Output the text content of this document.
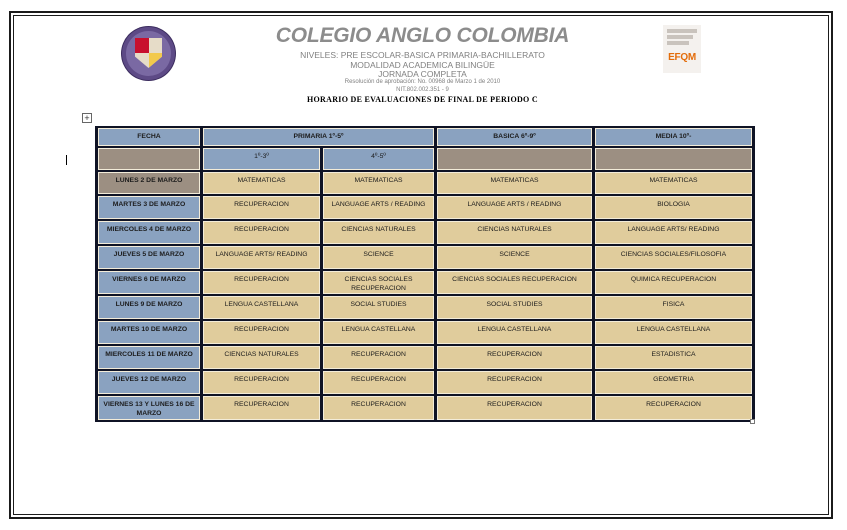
EFQM
COLEGIO ANGLO COLOMBIA
NIVELES: PRE ESCOLAR-BASICA PRIMARIA-BACHILLERATO
MODALIDAD ACADEMICA BILINGÜE
JORNADA COMPLETA
Resolución de aprobación: No. 00968 de Marzo 1 de 2010
NIT.802.002.351 - 9
HORARIO DE EVALUACIONES DE FINAL DE PERIODO C
+
FECHA	PRIMARIA 1º-5º		BASICA 6º-9º	MEDIA 10º-
	1º-3º	4º-5º		
LUNES 2 DE MARZO	MATEMATICAS	MATEMATICAS	MATEMATICAS	MATEMATICAS
MARTES 3 DE MARZO	RECUPERACION	LANGUAGE ARTS / READING	LANGUAGE ARTS / READING	BIOLOGIA
MIERCOLES 4 DE MARZO	RECUPERACION	CIENCIAS NATURALES	CIENCIAS NATURALES	LANGUAGE ARTS/ READING
JUEVES 5 DE MARZO	LANGUAGE ARTS/ READING	SCIENCE	SCIENCE	CIENCIAS SOCIALES/FILOSOFIA
VIERNES 6 DE MARZO	RECUPERACION	CIENCIAS SOCIALES RECUPERACION	CIENCIAS SOCIALES RECUPERACION	QUIMICA RECUPERACION
LUNES 9 DE MARZO	LENGUA CASTELLANA	SOCIAL STUDIES	SOCIAL STUDIES	FISICA
MARTES 10 DE MARZO	RECUPERACION	LENGUA CASTELLANA	LENGUA CASTELLANA	LENGUA CASTELLANA
MIERCOLES 11 DE MARZO	CIENCIAS NATURALES	RECUPERACION	RECUPERACION	ESTADISTICA
JUEVES 12 DE MARZO	RECUPERACION	RECUPERACION	RECUPERACION	GEOMETRIA
VIERNES 13 Y LUNES 16 DE MARZO	RECUPERACION	RECUPERACION	RECUPERACION	RECUPERACION
